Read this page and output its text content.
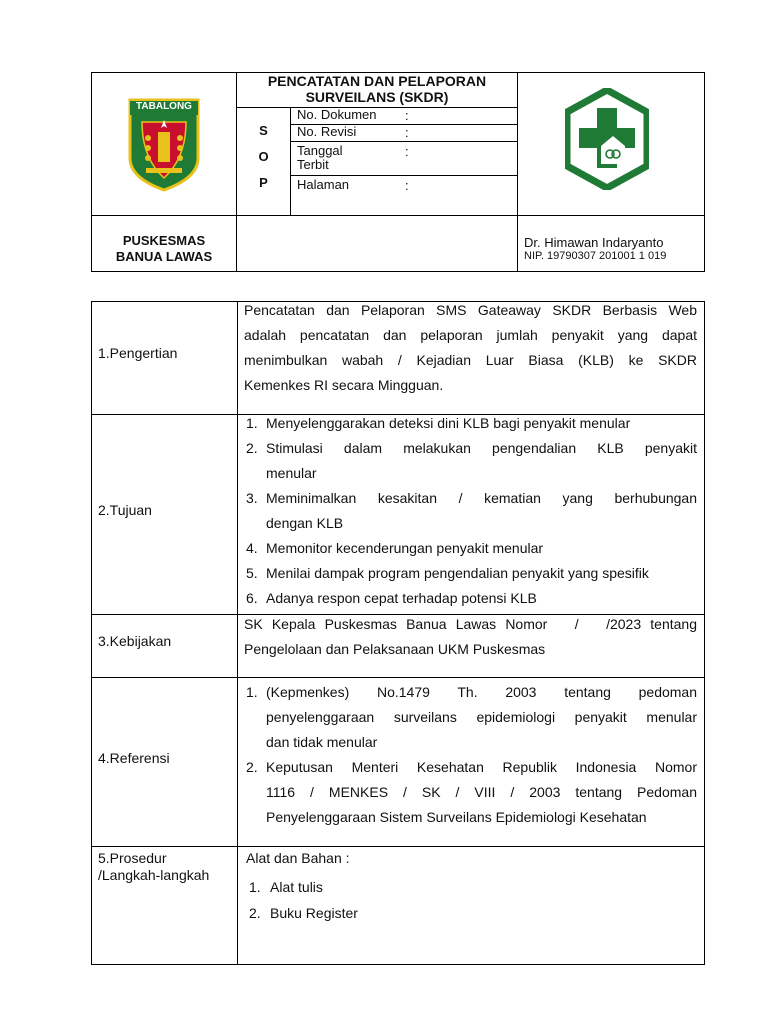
TABALONG
PENCATATAN DAN PELAPORAN
SURVEILANS (SKDR)
S
O
P
No. Dokumen :
No. Revisi	:
Tanggal
Terbit
:
Halaman	:
PUSKESMAS
BANUA LAWAS
Dr. Himawan Indaryanto
NIP. 19790307 201001 1 019
1.Pengertian
Pencatatan dan Pelaporan SMS Gateaway SKDR Berbasis Web
adalah pencatatan dan pelaporan jumlah penyakit yang dapat
menimbulkan wabah / Kejadian Luar Biasa (KLB) ke SKDR
Kemenkes RI secara Mingguan.
2.Tujuan
1. Menyelenggarakan deteksi dini KLB bagi penyakit menular
2. Stimulasi dalam melakukan pengendalian KLB penyakit
menular
3. Meminimalkan kesakitan / kematian yang berhubungan
dengan KLB
4. Memonitor kecenderungan penyakit menular
5. Menilai dampak program pengendalian penyakit yang spesifik
6. Adanya respon cepat terhadap potensi KLB
3.Kebijakan
SK Kepala Puskesmas Banua Lawas Nomor   /   /2023 tentang
Pengelolaan dan Pelaksanaan UKM Puskesmas
4.Referensi
1. (Kepmenkes) No.1479 Th. 2003 tentang pedoman
penyelenggaraan surveilans epidemiologi penyakit menular
dan tidak menular
2. Keputusan Menteri Kesehatan Republik Indonesia Nomor
1116 / MENKES / SK / VIII / 2003 tentang Pedoman
Penyelenggaraan Sistem Surveilans Epidemiologi Kesehatan
5.Prosedur
/Langkah-langkah
Alat dan Bahan :
1. Alat tulis
2. Buku Register
